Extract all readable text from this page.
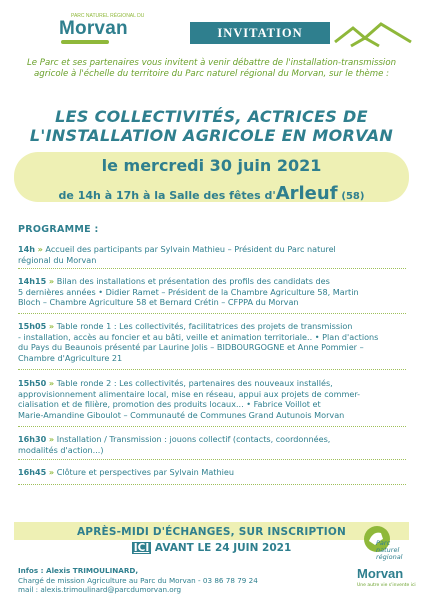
PARC NATUREL RÉGIONAL DU
Morvan	INVITATION
Le Parc et ses partenaires vous invitent à venir débattre de l'installation-transmission agricole à l'échelle du territoire du Parc naturel régional du Morvan, sur le thème :
LES COLLECTIVITÉS, ACTRICES DE
L'INSTALLATION AGRICOLE EN MORVAN
le mercredi 30 juin 2021
de 14h à 17h à la Salle des fêtes d'Arleuf (58)
PROGRAMME :
14h » Accueil des participants par Sylvain Mathieu – Président du Parc naturel
régional du Morvan
14h15 » Bilan des installations et présentation des profils des candidats des
5 dernières années • Didier Ramet – Président de la Chambre Agriculture 58, Martin
Bloch – Chambre Agriculture 58 et Bernard Crétin – CFPPA du Morvan
15h05 » Table ronde 1 : Les collectivités, facilitatrices des projets de transmission
- installation, accès au foncier et au bâti, veille et animation territoriale.. • Plan d'actions
du Pays du Beaunois présenté par Laurine Jolis – BIDBOURGOGNE et Anne Pommier –
Chambre d'Agriculture 21
15h50 » Table ronde 2 : Les collectivités, partenaires des nouveaux installés,
approvisionnement alimentaire local, mise en réseau, appui aux projets de commer-
cialisation et de filière, promotion des produits locaux... • Fabrice Voillot et
Marie-Amandine Giboulot – Communauté de Communes Grand Autunois Morvan
16h30 » Installation / Transmission : jouons collectif (contacts, coordonnées,
modalités d'action...)
16h45 » Clôture et perspectives par Sylvain Mathieu
APRÈS-MIDI D'ÉCHANGES, SUR INSCRIPTION
ICI AVANT LE 24 JUIN 2021
Infos : Alexis TRIMOULINARD,
Chargé de mission Agriculture au Parc du Morvan - 03 86 78 79 24
mail : alexis.trimoulinard@parcdumorvan.org
Parc
naturel
régional
Morvan
Une autre vie s'invente ici
